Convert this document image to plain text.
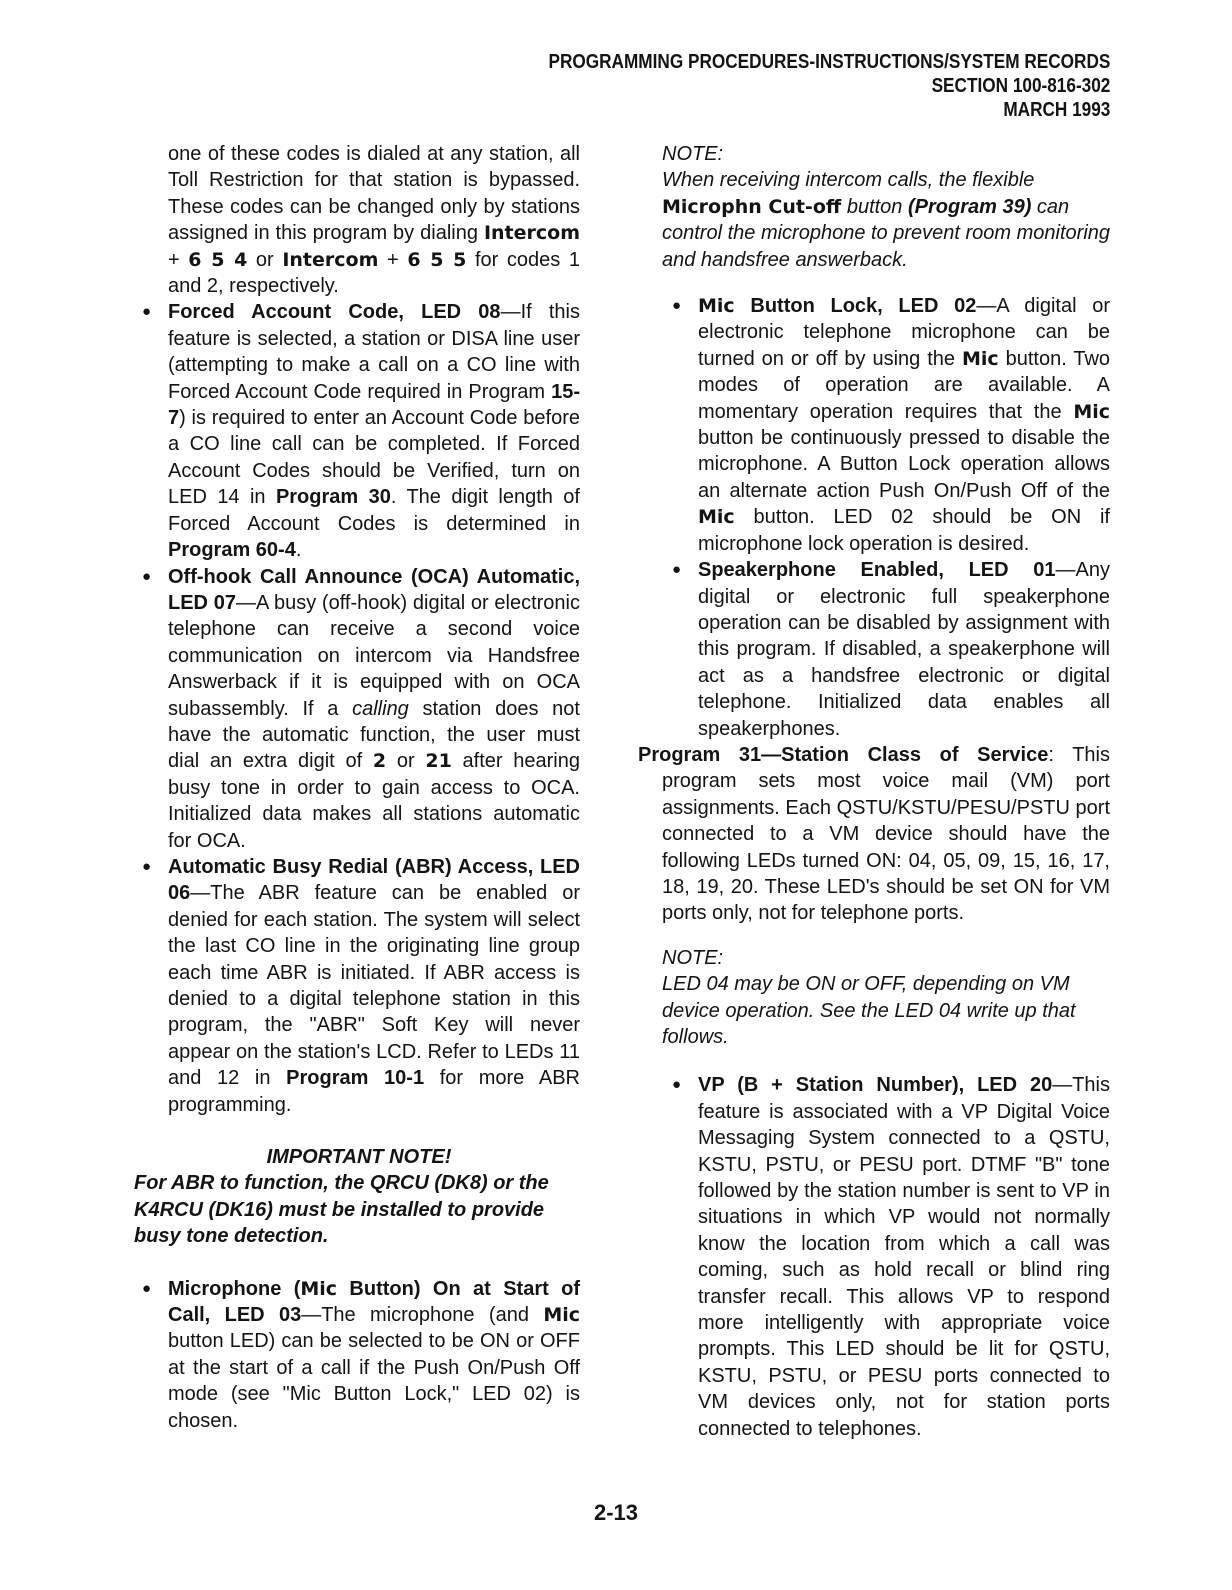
PROGRAMMING PROCEDURES-INSTRUCTIONS/SYSTEM RECORDS
SECTION 100-816-302
MARCH 1993
one of these codes is dialed at any station, all Toll Restriction for that station is bypassed. These codes can be changed only by stations assigned in this program by dialing Intercom + 6 5 4 or Intercom + 6 5 5 for codes 1 and 2, respectively.
● Forced Account Code, LED 08—If this feature is selected, a station or DISA line user (attempting to make a call on a CO line with Forced Account Code required in Program 15-7) is required to enter an Account Code before a CO line call can be completed. If Forced Account Codes should be Verified, turn on LED 14 in Program 30. The digit length of Forced Account Codes is determined in Program 60-4.
● Off-hook Call Announce (OCA) Automatic, LED 07—A busy (off-hook) digital or electronic telephone can receive a second voice communication on intercom via Handsfree Answerback if it is equipped with on OCA subassembly. If a calling station does not have the automatic function, the user must dial an extra digit of 2 or 21 after hearing busy tone in order to gain access to OCA. Initialized data makes all stations automatic for OCA.
● Automatic Busy Redial (ABR) Access, LED 06—The ABR feature can be enabled or denied for each station. The system will select the last CO line in the originating line group each time ABR is initiated. If ABR access is denied to a digital telephone station in this program, the "ABR" Soft Key will never appear on the station's LCD. Refer to LEDs 11 and 12 in Program 10-1 for more ABR programming.
IMPORTANT NOTE!
For ABR to function, the QRCU (DK8) or the K4RCU (DK16) must be installed to provide busy tone detection.
● Microphone (Mic Button) On at Start of Call, LED 03—The microphone (and Mic button LED) can be selected to be ON or OFF at the start of a call if the Push On/Push Off mode (see "Mic Button Lock," LED 02) is chosen.
NOTE:
When receiving intercom calls, the flexible Microphn Cut-off button (Program 39) can control the microphone to prevent room monitoring and handsfree answerback.
● Mic Button Lock, LED 02—A digital or electronic telephone microphone can be turned on or off by using the Mic button. Two modes of operation are available. A momentary operation requires that the Mic button be continuously pressed to disable the microphone. A Button Lock operation allows an alternate action Push On/Push Off of the Mic button. LED 02 should be ON if microphone lock operation is desired.
● Speakerphone Enabled, LED 01—Any digital or electronic full speakerphone operation can be disabled by assignment with this program. If disabled, a speakerphone will act as a handsfree electronic or digital telephone. Initialized data enables all speakerphones.
Program 31—Station Class of Service: This program sets most voice mail (VM) port assignments. Each QSTU/KSTU/PESU/PSTU port connected to a VM device should have the following LEDs turned ON: 04, 05, 09, 15, 16, 17, 18, 19, 20. These LED's should be set ON for VM ports only, not for telephone ports.
NOTE:
LED 04 may be ON or OFF, depending on VM device operation. See the LED 04 write up that follows.
● VP (B + Station Number), LED 20—This feature is associated with a VP Digital Voice Messaging System connected to a QSTU, KSTU, PSTU, or PESU port. DTMF "B" tone followed by the station number is sent to VP in situations in which VP would not normally know the location from which a call was coming, such as hold recall or blind ring transfer recall. This allows VP to respond more intelligently with appropriate voice prompts. This LED should be lit for QSTU, KSTU, PSTU, or PESU ports connected to VM devices only, not for station ports connected to telephones.
2-13
